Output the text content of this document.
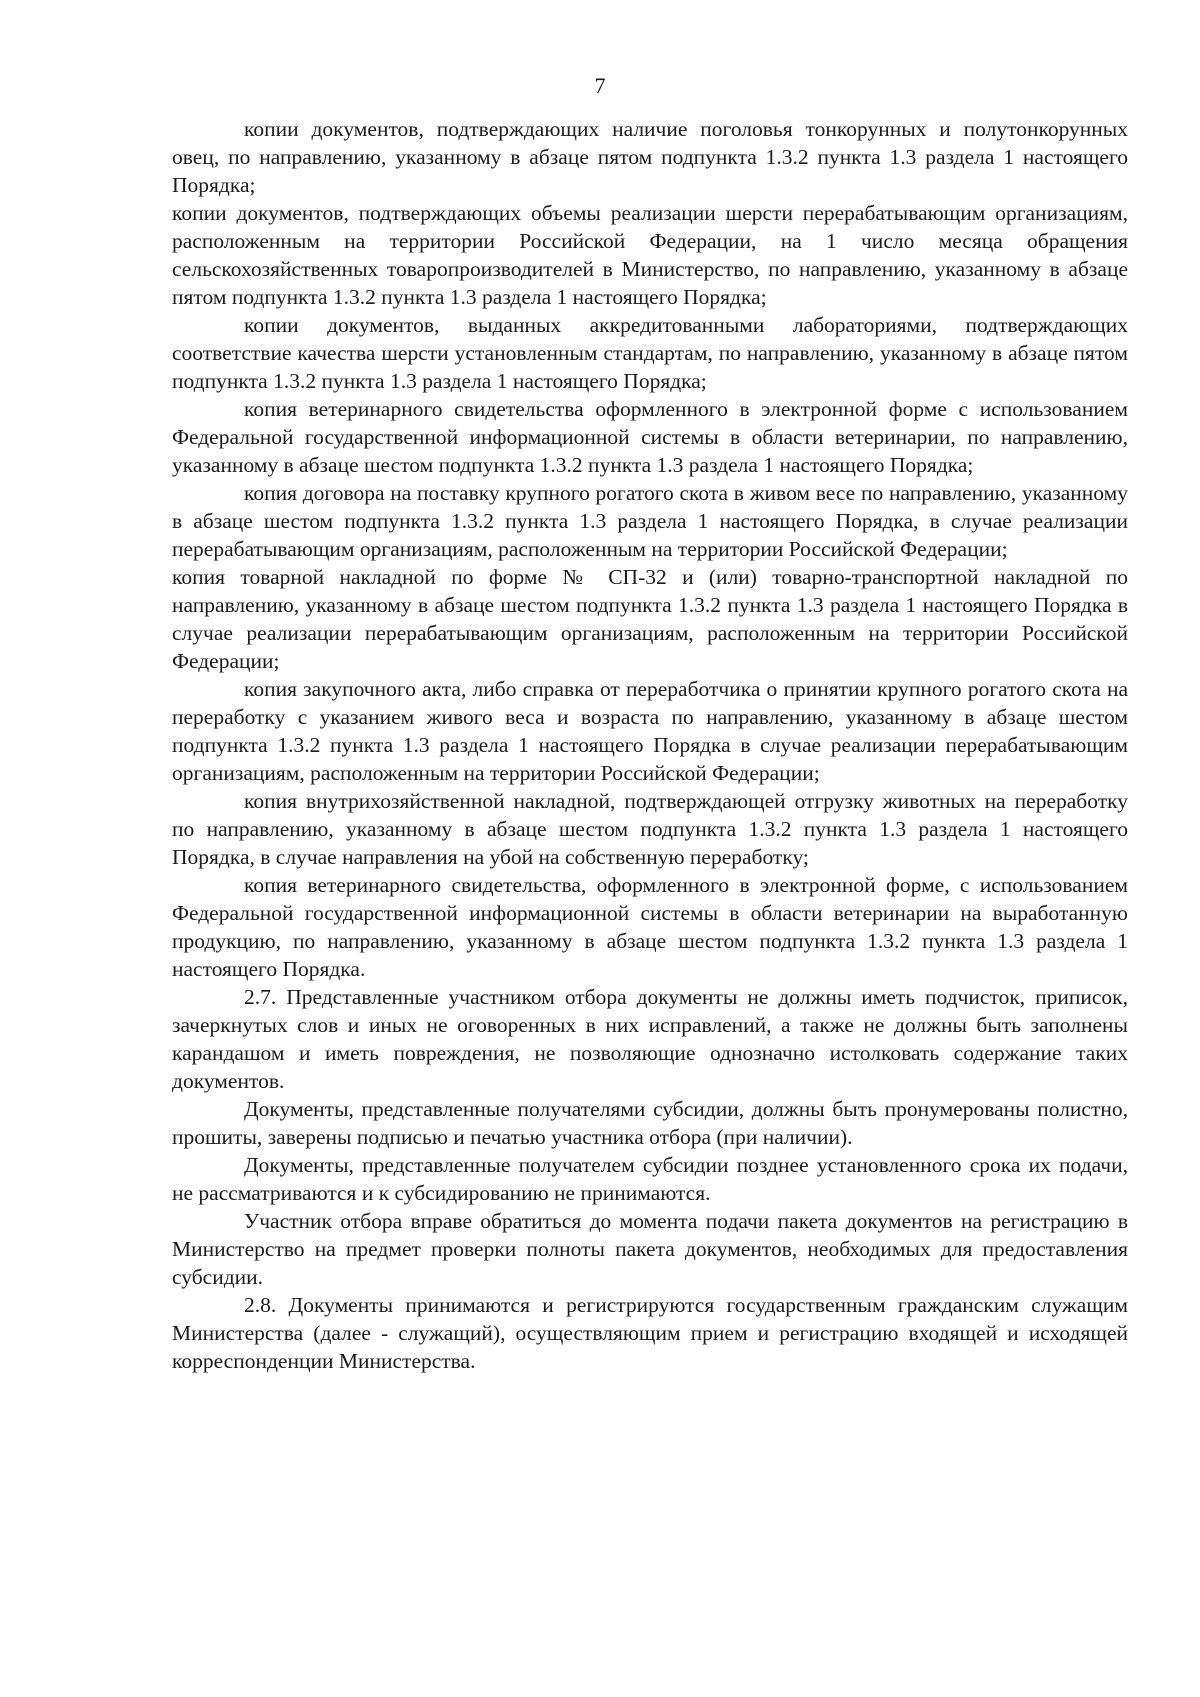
7

копии документов, подтверждающих наличие поголовья тонкорунных и полутонкорунных овец, по направлению, указанному в абзаце пятом подпункта 1.3.2 пункта 1.3 раздела 1 настоящего Порядка;

копии документов, подтверждающих объемы реализации шерсти перерабатывающим организациям, расположенным на территории Российской Федерации, на 1 число месяца обращения сельскохозяйственных товаропроизводителей в Министерство, по направлению, указанному в абзаце пятом подпункта 1.3.2 пункта 1.3 раздела 1 настоящего Порядка;

копии документов, выданных аккредитованными лабораториями, подтверждающих соответствие качества шерсти установленным стандартам, по направлению, указанному в абзаце пятом подпункта 1.3.2 пункта 1.3 раздела 1 настоящего Порядка;

копия ветеринарного свидетельства оформленного в электронной форме с использованием Федеральной государственной информационной системы в области ветеринарии, по направлению, указанному в абзаце шестом подпункта 1.3.2 пункта 1.3 раздела 1 настоящего Порядка;

копия договора на поставку крупного рогатого скота в живом весе по направлению, указанному в абзаце шестом подпункта 1.3.2 пункта 1.3 раздела 1 настоящего Порядка, в случае реализации перерабатывающим организациям, расположенным на территории Российской Федерации;

копия товарной накладной по форме № СП-32 и (или) товарно-транспортной накладной по направлению, указанному в абзаце шестом подпункта 1.3.2 пункта 1.3 раздела 1 настоящего Порядка в случае реализации перерабатывающим организациям, расположенным на территории Российской Федерации;

копия закупочного акта, либо справка от переработчика о принятии крупного рогатого скота на переработку с указанием живого веса и возраста по направлению, указанному в абзаце шестом подпункта 1.3.2 пункта 1.3 раздела 1 настоящего Порядка в случае реализации перерабатывающим организациям, расположенным на территории Российской Федерации;

копия внутрихозяйственной накладной, подтверждающей отгрузку животных на переработку по направлению, указанному в абзаце шестом подпункта 1.3.2 пункта 1.3 раздела 1 настоящего Порядка, в случае направления на убой на собственную переработку;

копия ветеринарного свидетельства, оформленного в электронной форме, с использованием Федеральной государственной информационной системы в области ветеринарии на выработанную продукцию, по направлению, указанному в абзаце шестом подпункта 1.3.2 пункта 1.3 раздела 1 настоящего Порядка.

2.7. Представленные участником отбора документы не должны иметь подчисток, приписок, зачеркнутых слов и иных не оговоренных в них исправлений, а также не должны быть заполнены карандашом и иметь повреждения, не позволяющие однозначно истолковать содержание таких документов.

Документы, представленные получателями субсидии, должны быть пронумерованы полистно, прошиты, заверены подписью и печатью участника отбора (при наличии).

Документы, представленные получателем субсидии позднее установленного срока их подачи, не рассматриваются и к субсидированию не принимаются.

Участник отбора вправе обратиться до момента подачи пакета документов на регистрацию в Министерство на предмет проверки полноты пакета документов, необходимых для предоставления субсидии.

2.8. Документы принимаются и регистрируются государственным гражданским служащим Министерства (далее - служащий), осуществляющим прием и регистрацию входящей и исходящей корреспонденции Министерства.
